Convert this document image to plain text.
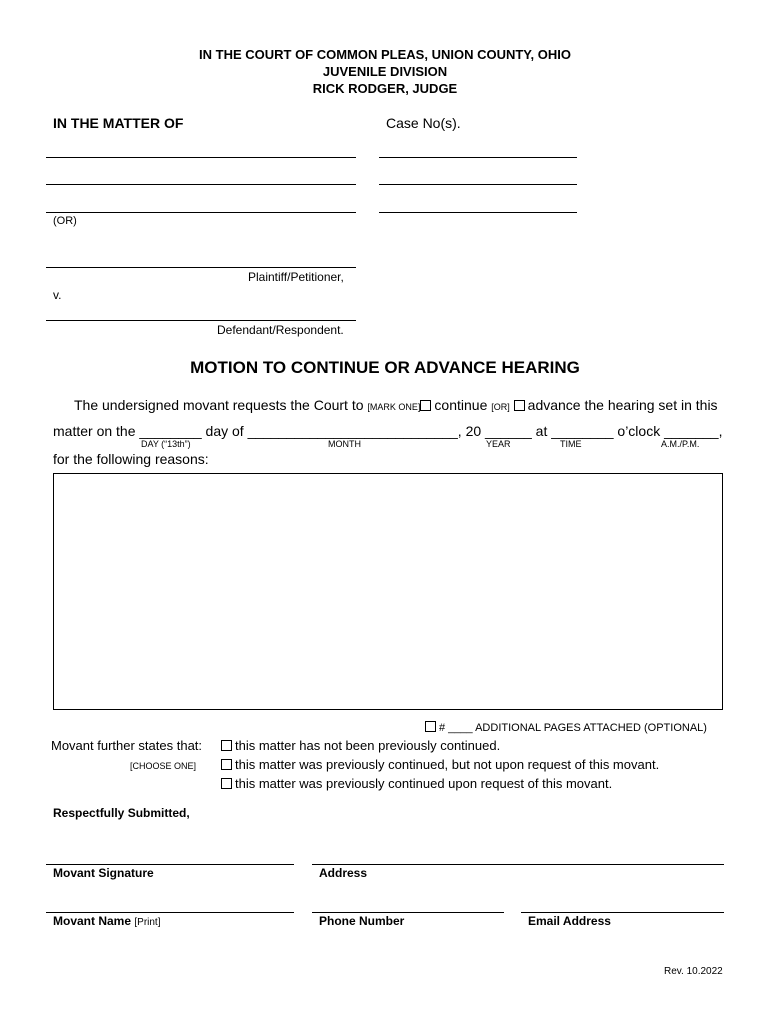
IN THE COURT OF COMMON PLEAS, UNION COUNTY, OHIO
JUVENILE DIVISION
RICK RODGER, JUDGE
IN THE MATTER OF	Case No(s).
(OR)
Plaintiff/Petitioner,
v.
Defendant/Respondent.
MOTION TO CONTINUE OR ADVANCE HEARING
The undersigned movant requests the Court to [MARK ONE] continue [OR] advance the hearing set in this
matter on the ________ day of ___________________________, 20 ______ at ________ o’clock _______,
DAY (“13th”)	MONTH	YEAR	TIME	A.M./P.M.
for the following reasons:
# ____ ADDITIONAL PAGES ATTACHED (OPTIONAL)
Movant further states that:
[CHOOSE ONE]
this matter has not been previously continued.
this matter was previously continued, but not upon request of this movant.
this matter was previously continued upon request of this movant.
Respectfully Submitted,
Movant Signature	Address
Movant Name [Print]	Phone Number	Email Address
Rev. 10.2022
